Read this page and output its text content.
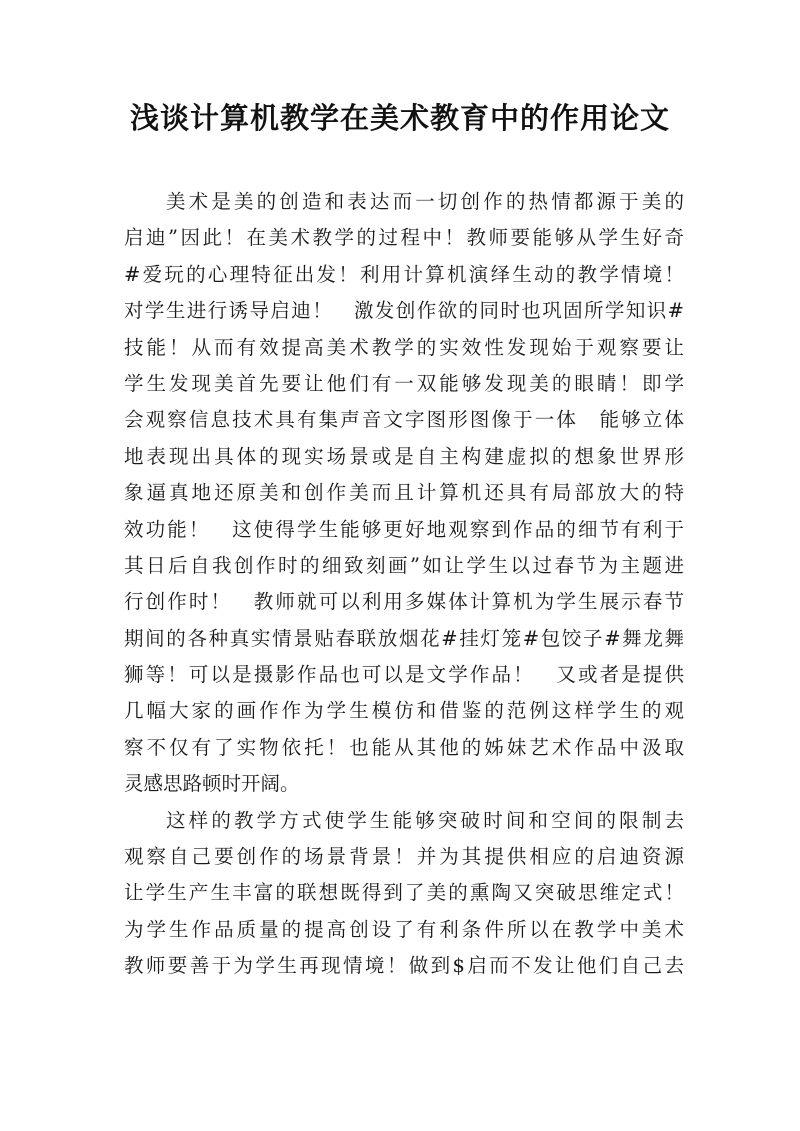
浅谈计算机教学在美术教育中的作用论文
美术是美的创造和表达而一切创作的热情都源于美的
启迪”因此！在美术教学的过程中！教师要能够从学生好奇
#爱玩的心理特征出发！利用计算机演绎生动的教学情境！
对学生进行诱导启迪！　激发创作欲的同时也巩固所学知识#
技能！从而有效提高美术教学的实效性发现始于观察要让
学生发现美首先要让他们有一双能够发现美的眼睛！即学
会观察信息技术具有集声音文字图形图像于一体　能够立体
地表现出具体的现实场景或是自主构建虚拟的想象世界形
象逼真地还原美和创作美而且计算机还具有局部放大的特
效功能！　这使得学生能够更好地观察到作品的细节有利于
其日后自我创作时的细致刻画”如让学生以过春节为主题进
行创作时！　教师就可以利用多媒体计算机为学生展示春节
期间的各种真实情景贴春联放烟花#挂灯笼#包饺子#舞龙舞
狮等！可以是摄影作品也可以是文学作品！　又或者是提供
几幅大家的画作作为学生模仿和借鉴的范例这样学生的观
察不仅有了实物依托！也能从其他的姊妹艺术作品中汲取
灵感思路顿时开阔。
这样的教学方式使学生能够突破时间和空间的限制去
观察自己要创作的场景背景！并为其提供相应的启迪资源
让学生产生丰富的联想既得到了美的熏陶又突破思维定式！
为学生作品质量的提高创设了有利条件所以在教学中美术
教师要善于为学生再现情境！做到$启而不发让他们自己去
